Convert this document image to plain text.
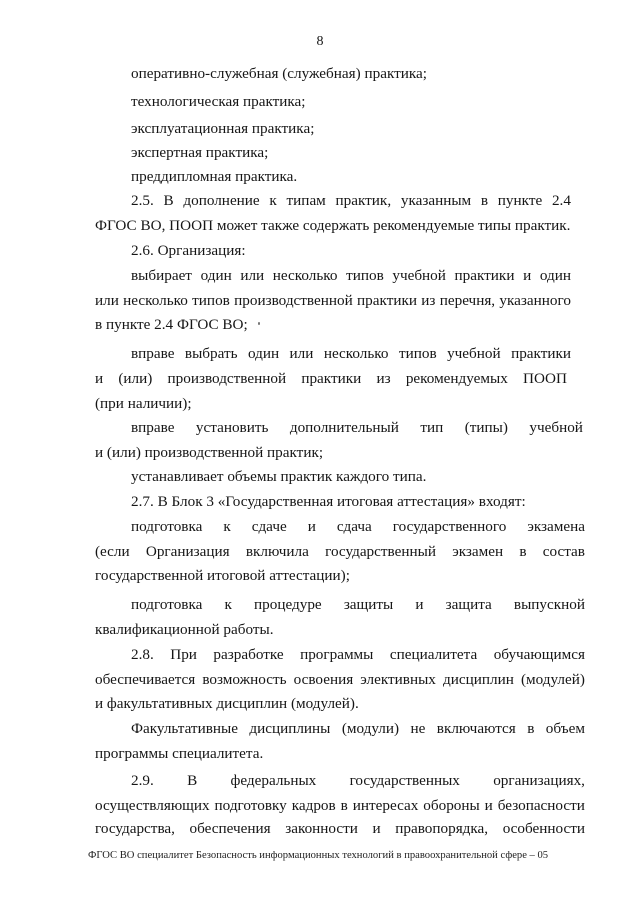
8
оперативно-служебная (служебная) практика;
технологическая практика;
эксплуатационная практика;
экспертная практика;
преддипломная практика.
2.5. В дополнение к типам практик, указанным в пункте 2.4
ФГОС ВО, ПООП может также содержать рекомендуемые типы практик.
2.6. Организация:
выбирает один или несколько типов учебной практики и один
или несколько типов производственной практики из перечня, указанного
в пункте 2.4 ФГОС ВО;
вправе выбрать один или несколько типов учебной практики
и (или) производственной практики из рекомендуемых ПООП
(при наличии);
вправе установить дополнительный тип (типы) учебной
и (или) производственной практик;
устанавливает объемы практик каждого типа.
2.7. В Блок 3 «Государственная итоговая аттестация» входят:
подготовка к сдаче и сдача государственного экзамена
(если Организация включила государственный экзамен в состав
государственной итоговой аттестации);
подготовка к процедуре защиты и защита выпускной
квалификационной работы.
2.8. При разработке программы специалитета обучающимся
обеспечивается возможность освоения элективных дисциплин (модулей)
и факультативных дисциплин (модулей).
Факультативные дисциплины (модули) не включаются в объем
программы специалитета.
2.9. В федеральных государственных организациях,
осуществляющих подготовку кадров в интересах обороны и безопасности
государства, обеспечения законности и правопорядка, особенности
ФГОС ВО специалитет Безопасность информационных технологий в правоохранительной сфере – 05
